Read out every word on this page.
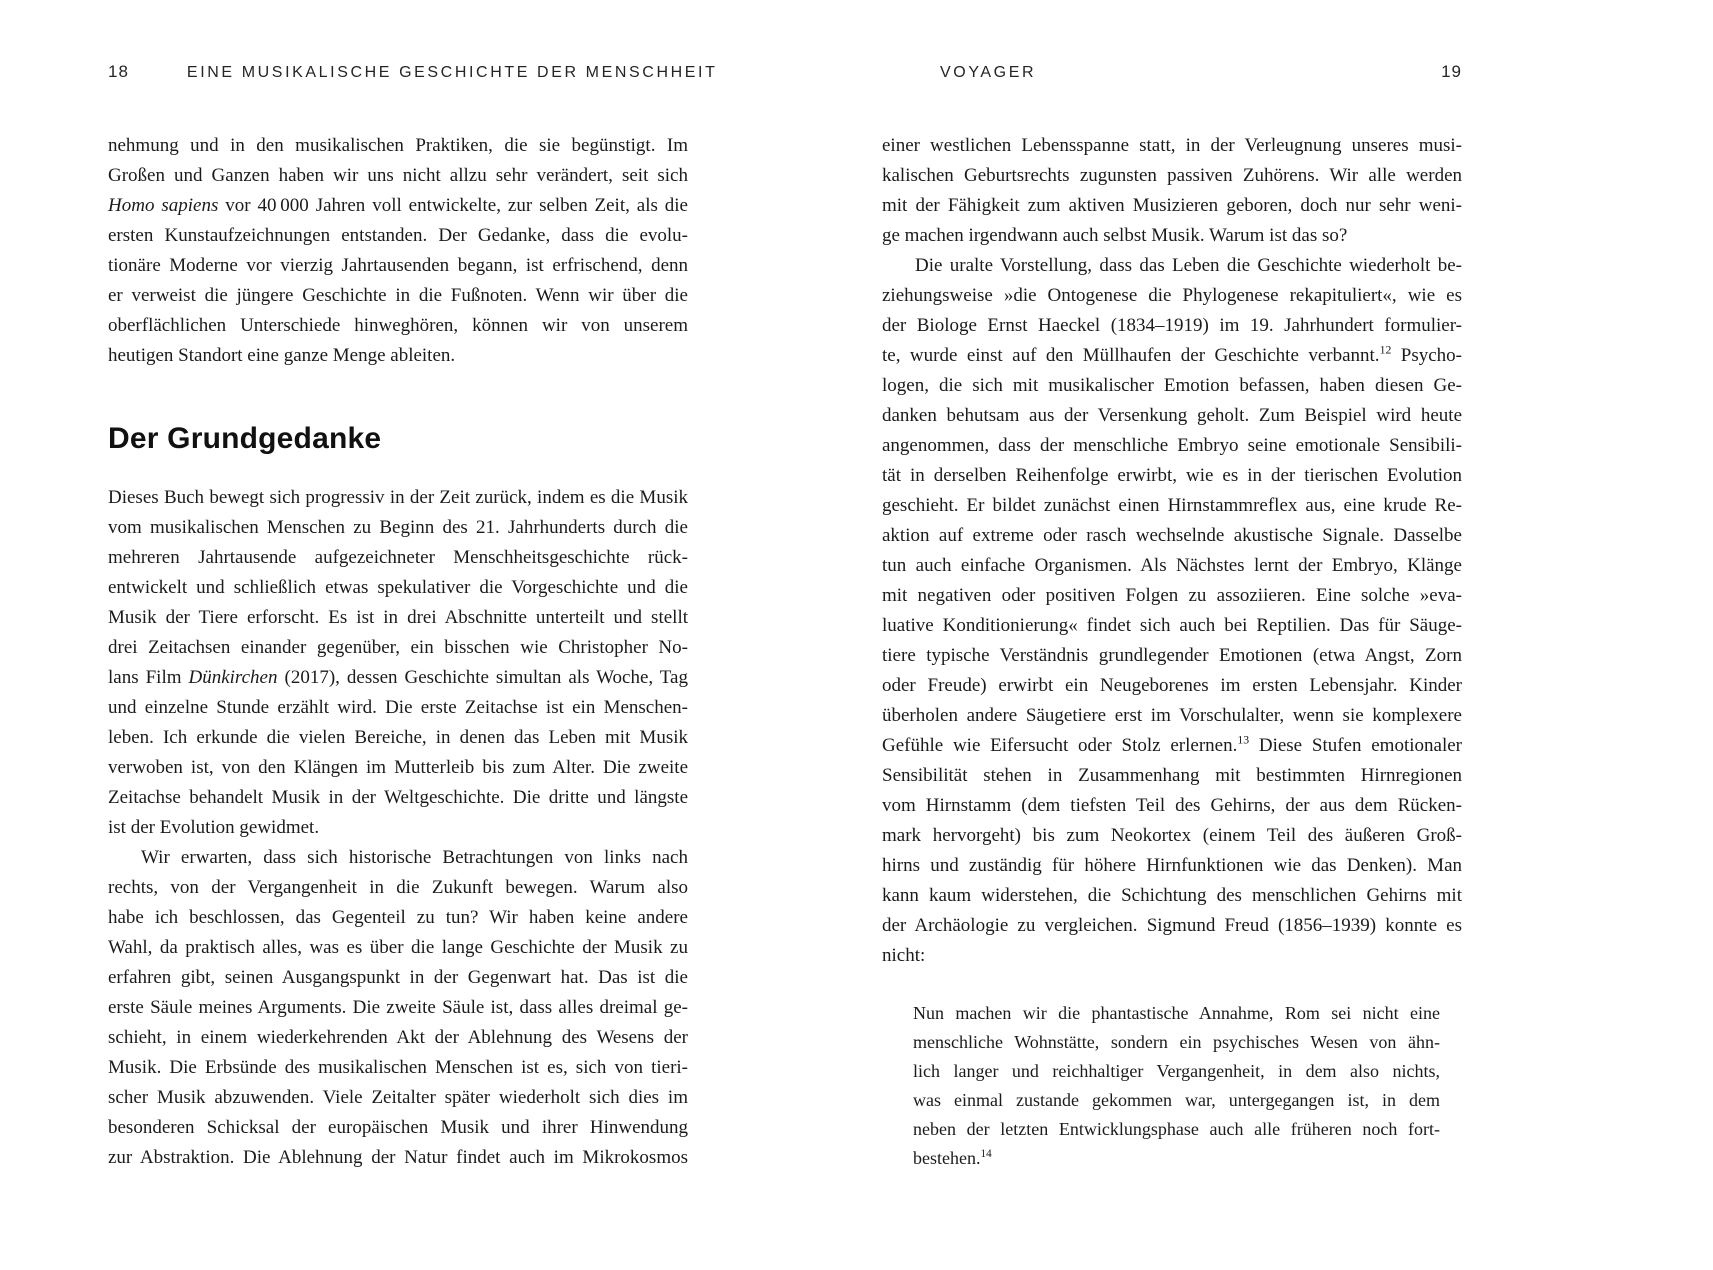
18	EINE MUSIKALISCHE GESCHICHTE DER MENSCHHEIT
nehmung und in den musikalischen Praktiken, die sie begünstigt. Im
Großen und Ganzen haben wir uns nicht allzu sehr verändert, seit sich
Homo sapiens vor 40 000 Jahren voll entwickelte, zur selben Zeit, als die
ersten Kunstaufzeichnungen entstanden. Der Gedanke, dass die evolu-
tionäre Moderne vor vierzig Jahrtausenden begann, ist erfrischend, denn
er verweist die jüngere Geschichte in die Fußnoten. Wenn wir über die
oberflächlichen Unterschiede hinweghören, können wir von unserem
heutigen Standort eine ganze Menge ableiten.
Der Grundgedanke
Dieses Buch bewegt sich progressiv in der Zeit zurück, indem es die Musik
vom musikalischen Menschen zu Beginn des 21. Jahrhunderts durch die
mehreren Jahrtausende aufgezeichneter Menschheitsgeschichte rück-
entwickelt und schließlich etwas spekulativer die Vorgeschichte und die
Musik der Tiere erforscht. Es ist in drei Abschnitte unterteilt und stellt
drei Zeitachsen einander gegenüber, ein bisschen wie Christopher No-
lans Film Dünkirchen (2017), dessen Geschichte simultan als Woche, Tag
und einzelne Stunde erzählt wird. Die erste Zeitachse ist ein Menschen-
leben. Ich erkunde die vielen Bereiche, in denen das Leben mit Musik
verwoben ist, von den Klängen im Mutterleib bis zum Alter. Die zweite
Zeitachse behandelt Musik in der Weltgeschichte. Die dritte und längste
ist der Evolution gewidmet.
Wir erwarten, dass sich historische Betrachtungen von links nach
rechts, von der Vergangenheit in die Zukunft bewegen. Warum also
habe ich beschlossen, das Gegenteil zu tun? Wir haben keine andere
Wahl, da praktisch alles, was es über die lange Geschichte der Musik zu
erfahren gibt, seinen Ausgangspunkt in der Gegenwart hat. Das ist die
erste Säule meines Arguments. Die zweite Säule ist, dass alles dreimal ge-
schieht, in einem wiederkehrenden Akt der Ablehnung des Wesens der
Musik. Die Erbsünde des musikalischen Menschen ist es, sich von tieri-
scher Musik abzuwenden. Viele Zeitalter später wiederholt sich dies im
besonderen Schicksal der europäischen Musik und ihrer Hinwendung
zur Abstraktion. Die Ablehnung der Natur findet auch im Mikrokosmos
VOYAGER	19
einer westlichen Lebensspanne statt, in der Verleugnung unseres musi-
kalischen Geburtsrechts zugunsten passiven Zuhörens. Wir alle werden
mit der Fähigkeit zum aktiven Musizieren geboren, doch nur sehr weni-
ge machen irgendwann auch selbst Musik. Warum ist das so?
Die uralte Vorstellung, dass das Leben die Geschichte wiederholt be-
ziehungsweise »die Ontogenese die Phylogenese rekapituliert«, wie es
der Biologe Ernst Haeckel (1834–1919) im 19. Jahrhundert formulier-
te, wurde einst auf den Müllhaufen der Geschichte verbannt.$^{12}$ Psycho-
logen, die sich mit musikalischer Emotion befassen, haben diesen Ge-
danken behutsam aus der Versenkung geholt. Zum Beispiel wird heute
angenommen, dass der menschliche Embryo seine emotionale Sensibili-
tät in derselben Reihenfolge erwirbt, wie es in der tierischen Evolution
geschieht. Er bildet zunächst einen Hirnstammreflex aus, eine krude Re-
aktion auf extreme oder rasch wechselnde akustische Signale. Dasselbe
tun auch einfache Organismen. Als Nächstes lernt der Embryo, Klänge
mit negativen oder positiven Folgen zu assoziieren. Eine solche »eva-
luative Konditionierung« findet sich auch bei Reptilien. Das für Säuge-
tiere typische Verständnis grundlegender Emotionen (etwa Angst, Zorn
oder Freude) erwirbt ein Neugeborenes im ersten Lebensjahr. Kinder
überholen andere Säugetiere erst im Vorschulalter, wenn sie komplexere
Gefühle wie Eifersucht oder Stolz erlernen.$^{13}$ Diese Stufen emotionaler
Sensibilität stehen in Zusammenhang mit bestimmten Hirnregionen
vom Hirnstamm (dem tiefsten Teil des Gehirns, der aus dem Rücken-
mark hervorgeht) bis zum Neokortex (einem Teil des äußeren Groß-
hirns und zuständig für höhere Hirnfunktionen wie das Denken). Man
kann kaum widerstehen, die Schichtung des menschlichen Gehirns mit
der Archäologie zu vergleichen. Sigmund Freud (1856–1939) konnte es
nicht:
Nun machen wir die phantastische Annahme, Rom sei nicht eine
menschliche Wohnstätte, sondern ein psychisches Wesen von ähn-
lich langer und reichhaltiger Vergangenheit, in dem also nichts,
was einmal zustande gekommen war, untergegangen ist, in dem
neben der letzten Entwicklungsphase auch alle früheren noch fort-
bestehen.$^{14}$
